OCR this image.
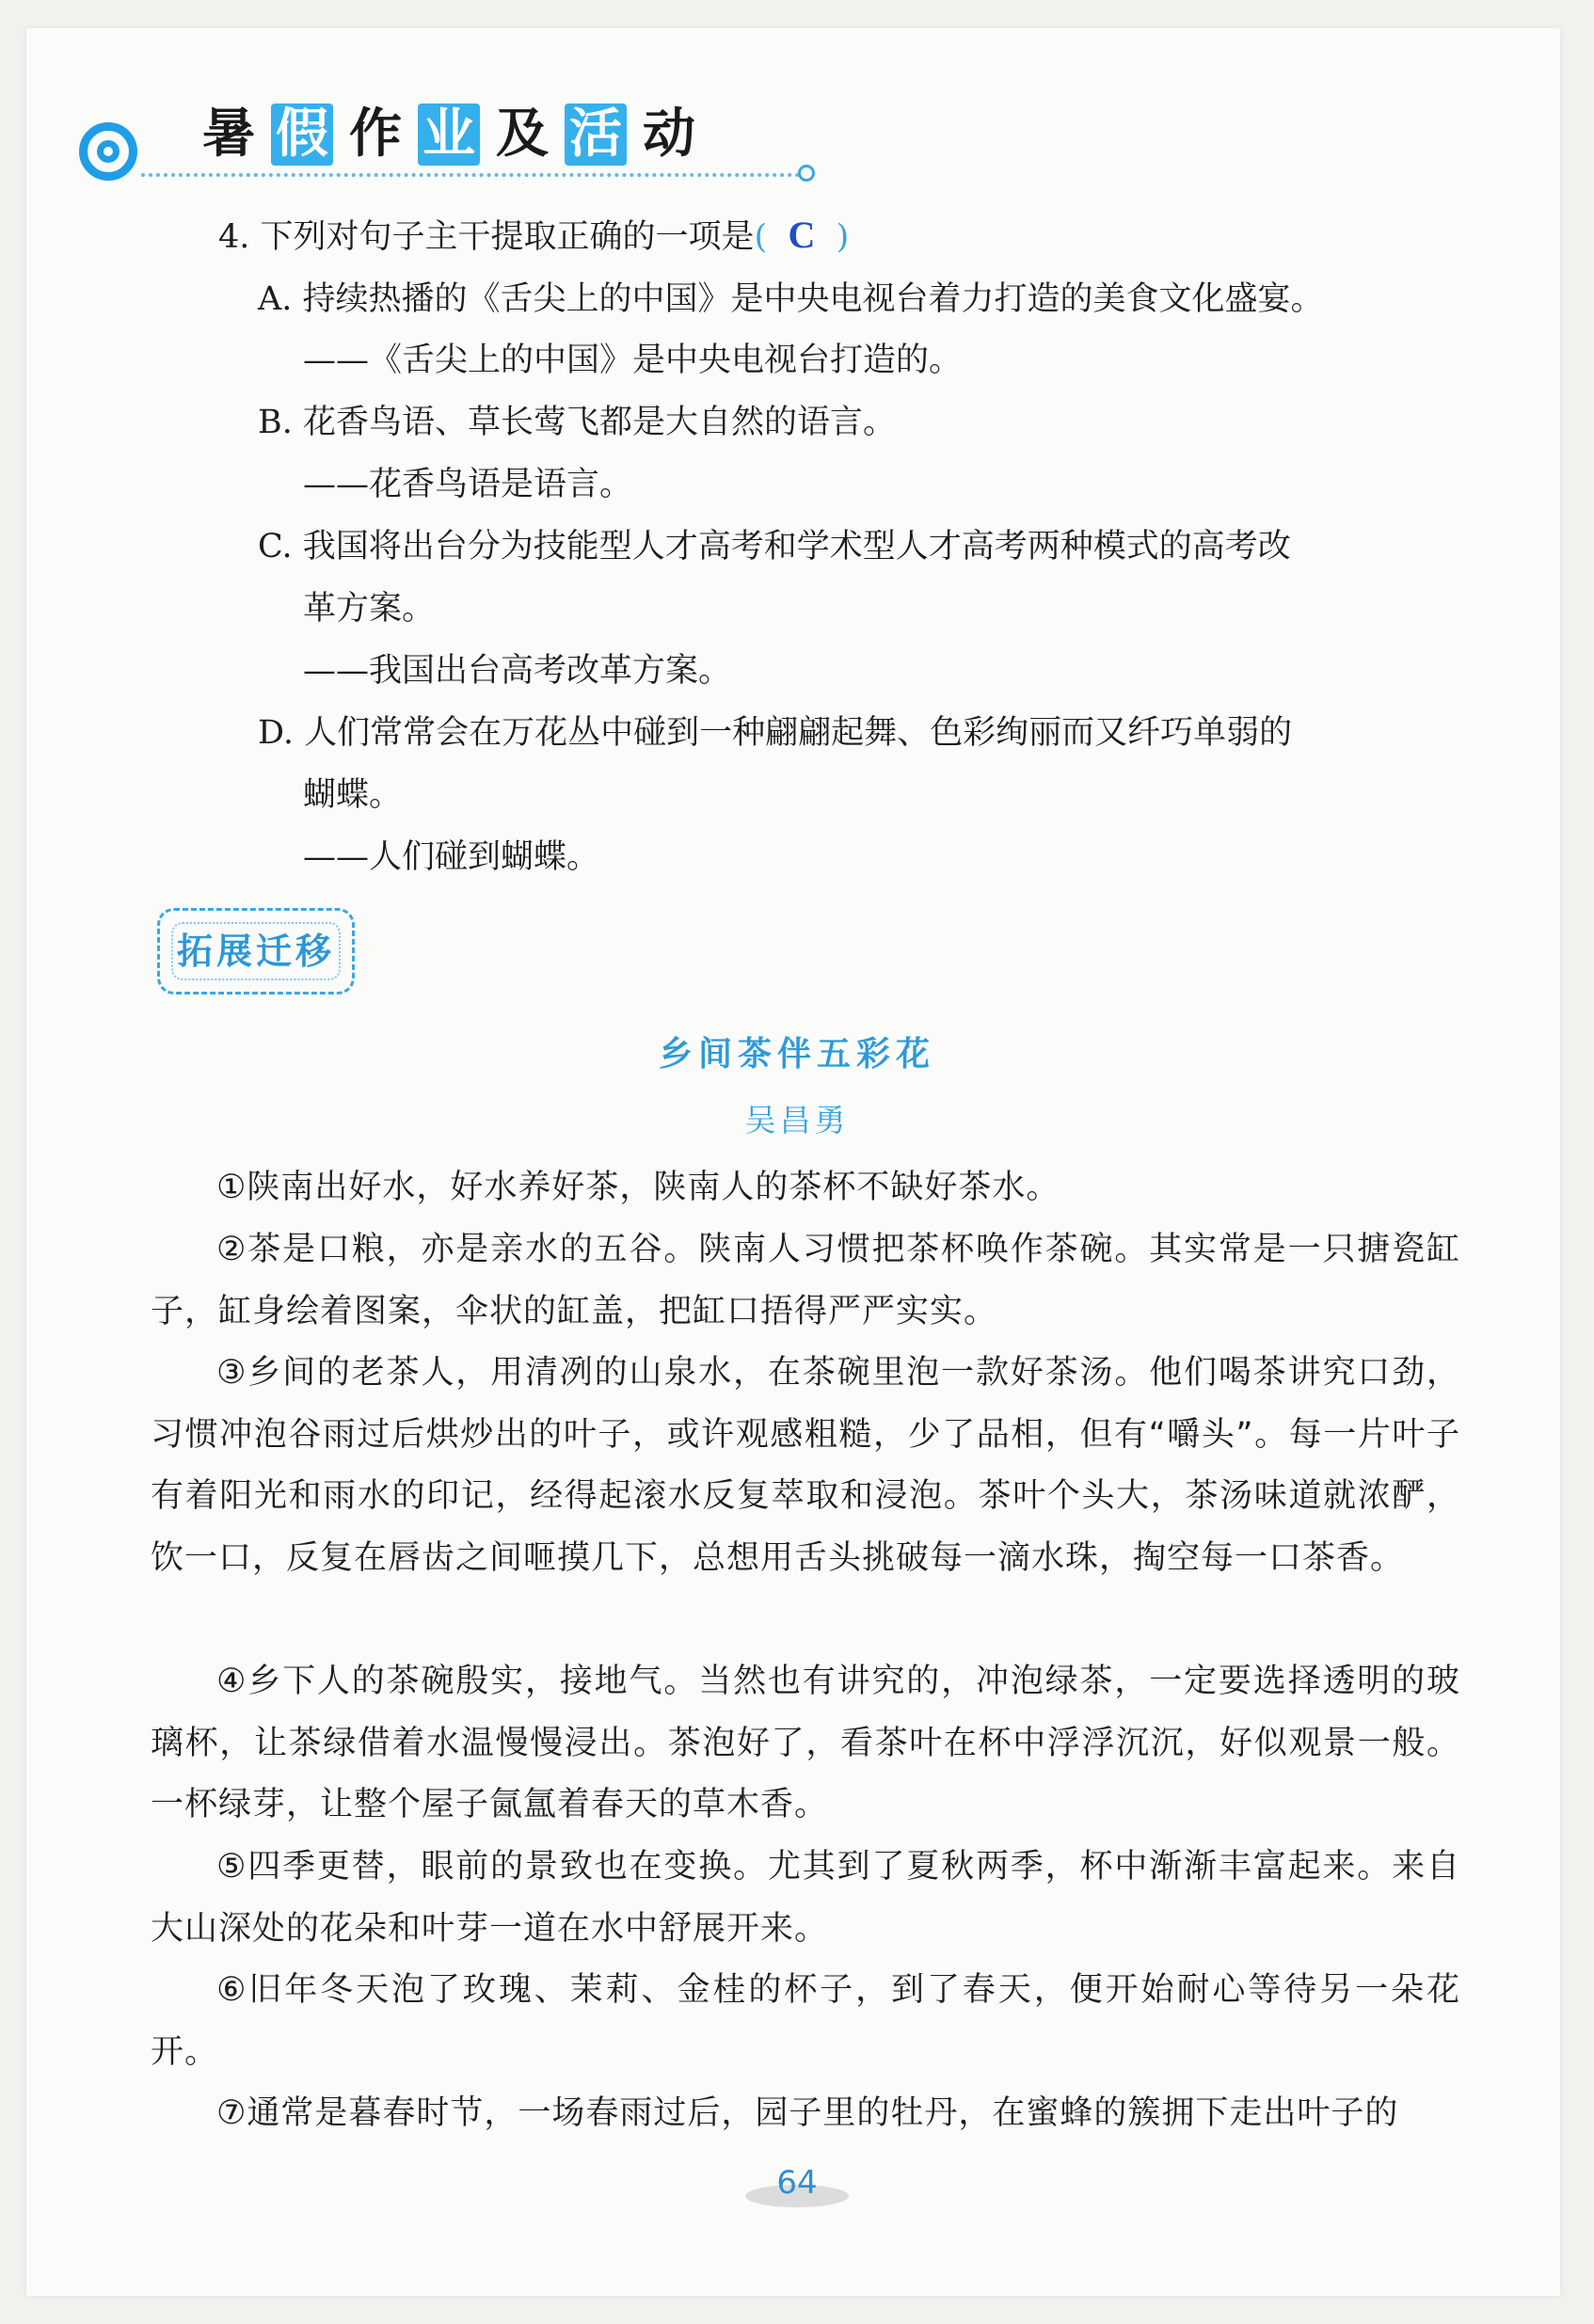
暑 假 作 业 及 活 动
4. 下列对句子主干提取正确的一项是( C )
A. 持续热播的《舌尖上的中国》是中央电视台着力打造的美食文化盛宴。
——《舌尖上的中国》是中央电视台打造的。
B. 花香鸟语、草长莺飞都是大自然的语言。
——花香鸟语是语言。
C. 我国将出台分为技能型人才高考和学术型人才高考两种模式的高考改
革方案。
——我国出台高考改革方案。
D. 人们常常会在万花丛中碰到一种翩翩起舞、色彩绚丽而又纤巧单弱的
蝴蝶。
——人们碰到蝴蝶。
拓展迁移
乡间茶伴五彩花
吴昌勇
①陕南出好水，好水养好茶，陕南人的茶杯不缺好茶水。
②茶是口粮，亦是亲水的五谷。陕南人习惯把茶杯唤作茶碗。其实常是一只搪瓷缸子，缸身绘着图案，伞状的缸盖，把缸口捂得严严实实。
③乡间的老茶人，用清冽的山泉水，在茶碗里泡一款好茶汤。他们喝茶讲究口劲，习惯冲泡谷雨过后烘炒出的叶子，或许观感粗糙，少了品相，但有“嚼头”。每一片叶子有着阳光和雨水的印记，经得起滚水反复萃取和浸泡。茶叶个头大，茶汤味道就浓酽，饮一口，反复在唇齿之间咂摸几下，总想用舌头挑破每一滴水珠，掏空每一口茶香。
④乡下人的茶碗殷实，接地气。当然也有讲究的，冲泡绿茶，一定要选择透明的玻璃杯，让茶绿借着水温慢慢浸出。茶泡好了，看茶叶在杯中浮浮沉沉，好似观景一般。一杯绿芽，让整个屋子氤氲着春天的草木香。
⑤四季更替，眼前的景致也在变换。尤其到了夏秋两季，杯中渐渐丰富起来。来自大山深处的花朵和叶芽一道在水中舒展开来。
⑥旧年冬天泡了玫瑰、茉莉、金桂的杯子，到了春天，便开始耐心等待另一朵花开。
⑦通常是暮春时节，一场春雨过后，园子里的牡丹，在蜜蜂的簇拥下走出叶子的
64
